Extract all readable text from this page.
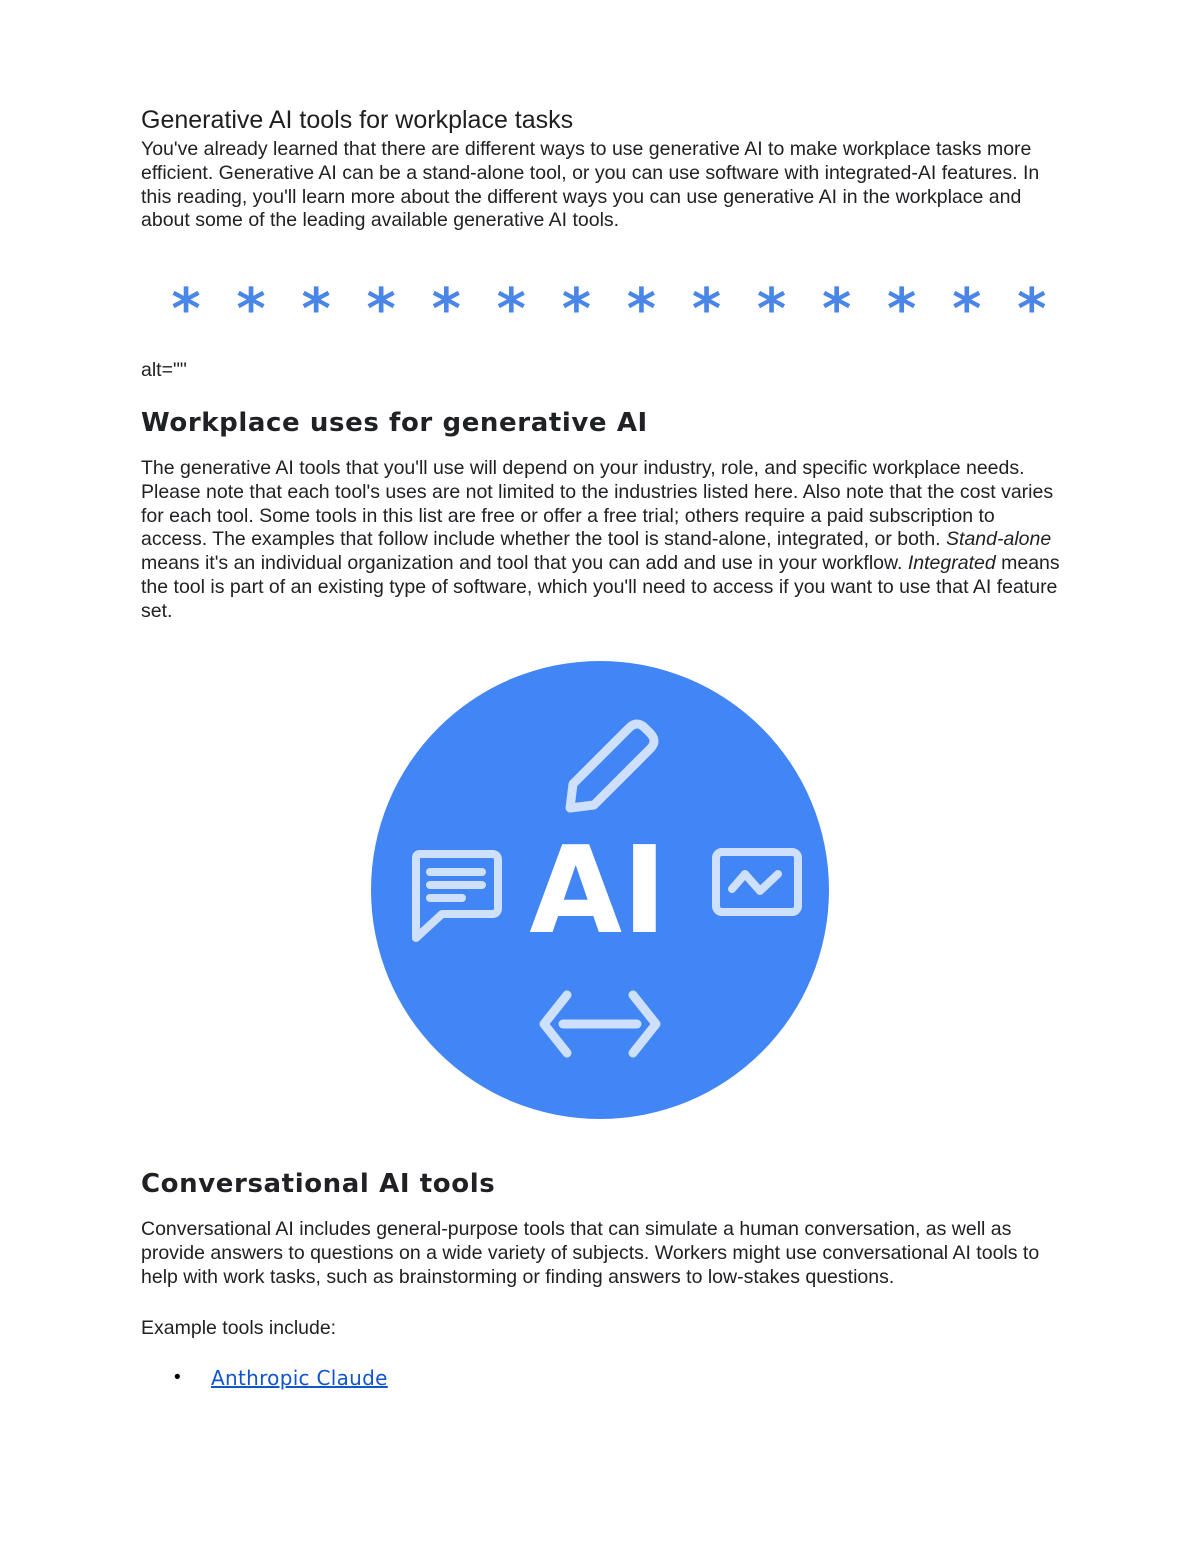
Generative AI tools for workplace tasks

You've already learned that there are different ways to use generative AI to make workplace tasks more efficient. Generative AI can be a stand-alone tool, or you can use software with integrated-AI features. In this reading, you'll learn more about the different ways you can use generative AI in the workplace and about some of the leading available generative AI tools.

* * * * * * * * * * * * * *

alt=""

Workplace uses for generative AI

The generative AI tools that you'll use will depend on your industry, role, and specific workplace needs. Please note that each tool's uses are not limited to the industries listed here. Also note that the cost varies for each tool. Some tools in this list are free or offer a free trial; others require a paid subscription to access. The examples that follow include whether the tool is stand-alone, integrated, or both. Stand-alone means it's an individual organization and tool that you can add and use in your workflow. Integrated means the tool is part of an existing type of software, which you'll need to access if you want to use that AI feature set.

AI
Conversational AI tools

Conversational AI includes general-purpose tools that can simulate a human conversation, as well as provide answers to questions on a wide variety of subjects. Workers might use conversational AI tools to help with work tasks, such as brainstorming or finding answers to low-stakes questions.

Example tools include:

• Anthropic Claude
